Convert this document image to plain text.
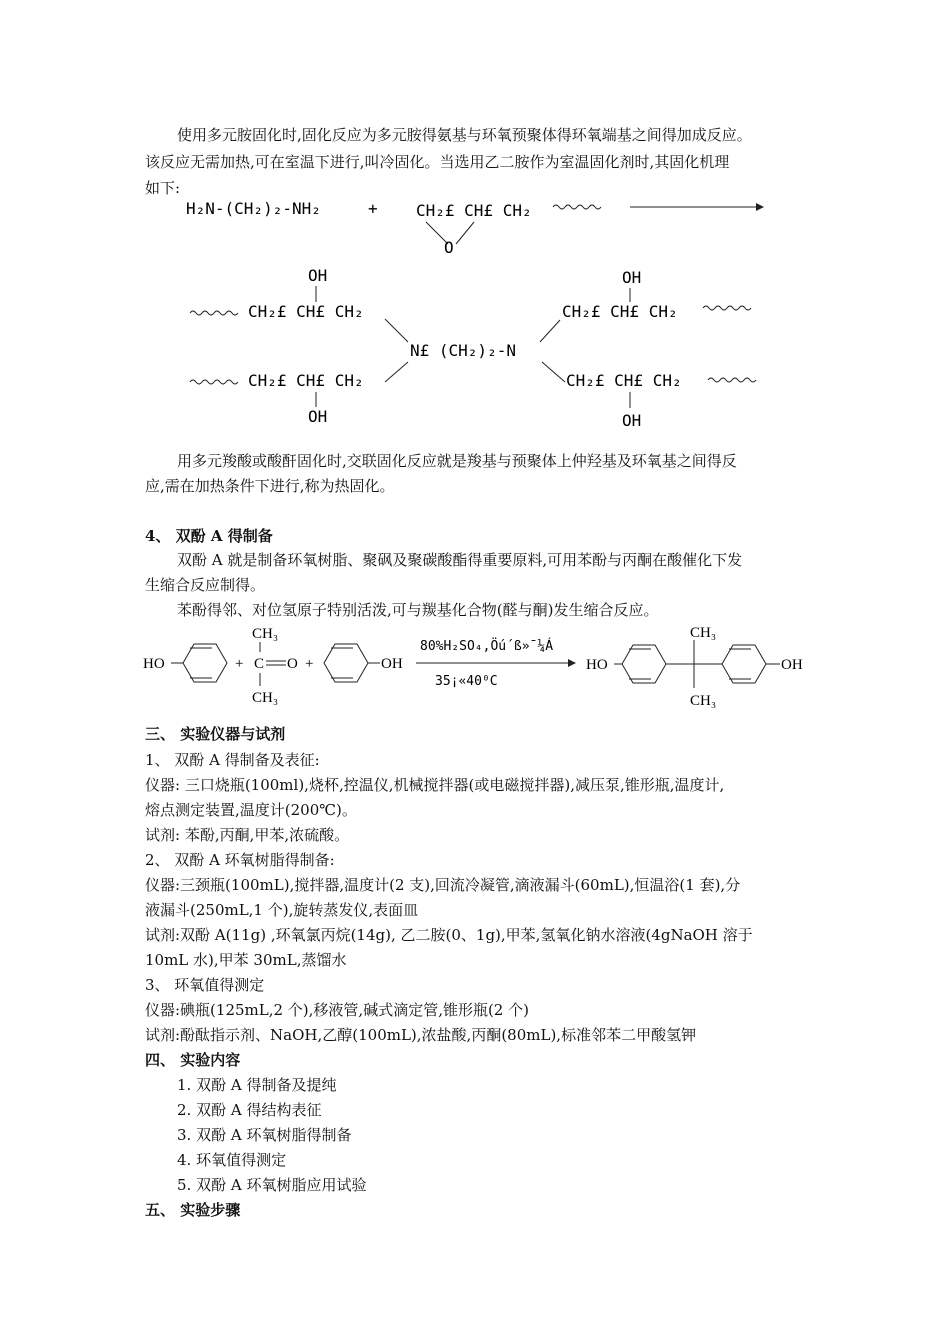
使用多元胺固化时,固化反应为多元胺得氨基与环氧预聚体得环氧端基之间得加成反应。
该反应无需加热,可在室温下进行,叫冷固化。当选用乙二胺作为室温固化剂时,其固化机理
如下:
H₂N-(CH₂)₂-NH₂	+ CH₂£ CH£ CH₂
O
OH
CH₂£ CH£ CH₂
N£ (CH₂)₂-N
CH₂£ CH£ CH₂
OH
OH
CH₂£ CH£ CH₂
CH₂£ CH£ CH₂
OH
用多元羧酸或酸酐固化时,交联固化反应就是羧基与预聚体上仲羟基及环氧基之间得反
应,需在加热条件下进行,称为热固化。
4、 双酚 A 得制备
双酚 A 就是制备环氧树脂、聚砜及聚碳酸酯得重要原料,可用苯酚与丙酮在酸催化下发
生缩合反应制得。
苯酚得邻、对位氢原子特别活泼,可与羰基化合物(醛与酮)发生缩合反应。
HO	+
CH₃
C O
CH₃
+	OH
80%H₂SO₄,Öú´ß»¯¼Á
35¡«40⁰C
HO
CH₃
CH₃
OH
三、 实验仪器与试剂
1、 双酚 A 得制备及表征:
仪器: 三口烧瓶(100ml),烧杯,控温仪,机械搅拌器(或电磁搅拌器),减压泵,锥形瓶,温度计,
熔点测定装置,温度计(200℃)。
试剂: 苯酚,丙酮,甲苯,浓硫酸。
2、 双酚 A 环氧树脂得制备:
仪器:三颈瓶(100mL),搅拌器,温度计(2 支),回流冷凝管,滴液漏斗(60mL),恒温浴(1 套),分
液漏斗(250mL,1 个),旋转蒸发仪,表面皿
试剂:双酚 A(11g) ,环氧氯丙烷(14g), 乙二胺(0、1g),甲苯,氢氧化钠水溶液(4gNaOH 溶于
10mL 水),甲苯 30mL,蒸馏水
3、 环氧值得测定
仪器:碘瓶(125mL,2 个),移液管,碱式滴定管,锥形瓶(2 个)
试剂:酚酞指示剂、NaOH,乙醇(100mL),浓盐酸,丙酮(80mL),标准邻苯二甲酸氢钾
四、 实验内容
1. 双酚 A 得制备及提纯
2. 双酚 A 得结构表征
3. 双酚 A 环氧树脂得制备
4. 环氧值得测定
5. 双酚 A 环氧树脂应用试验
五、 实验步骤
